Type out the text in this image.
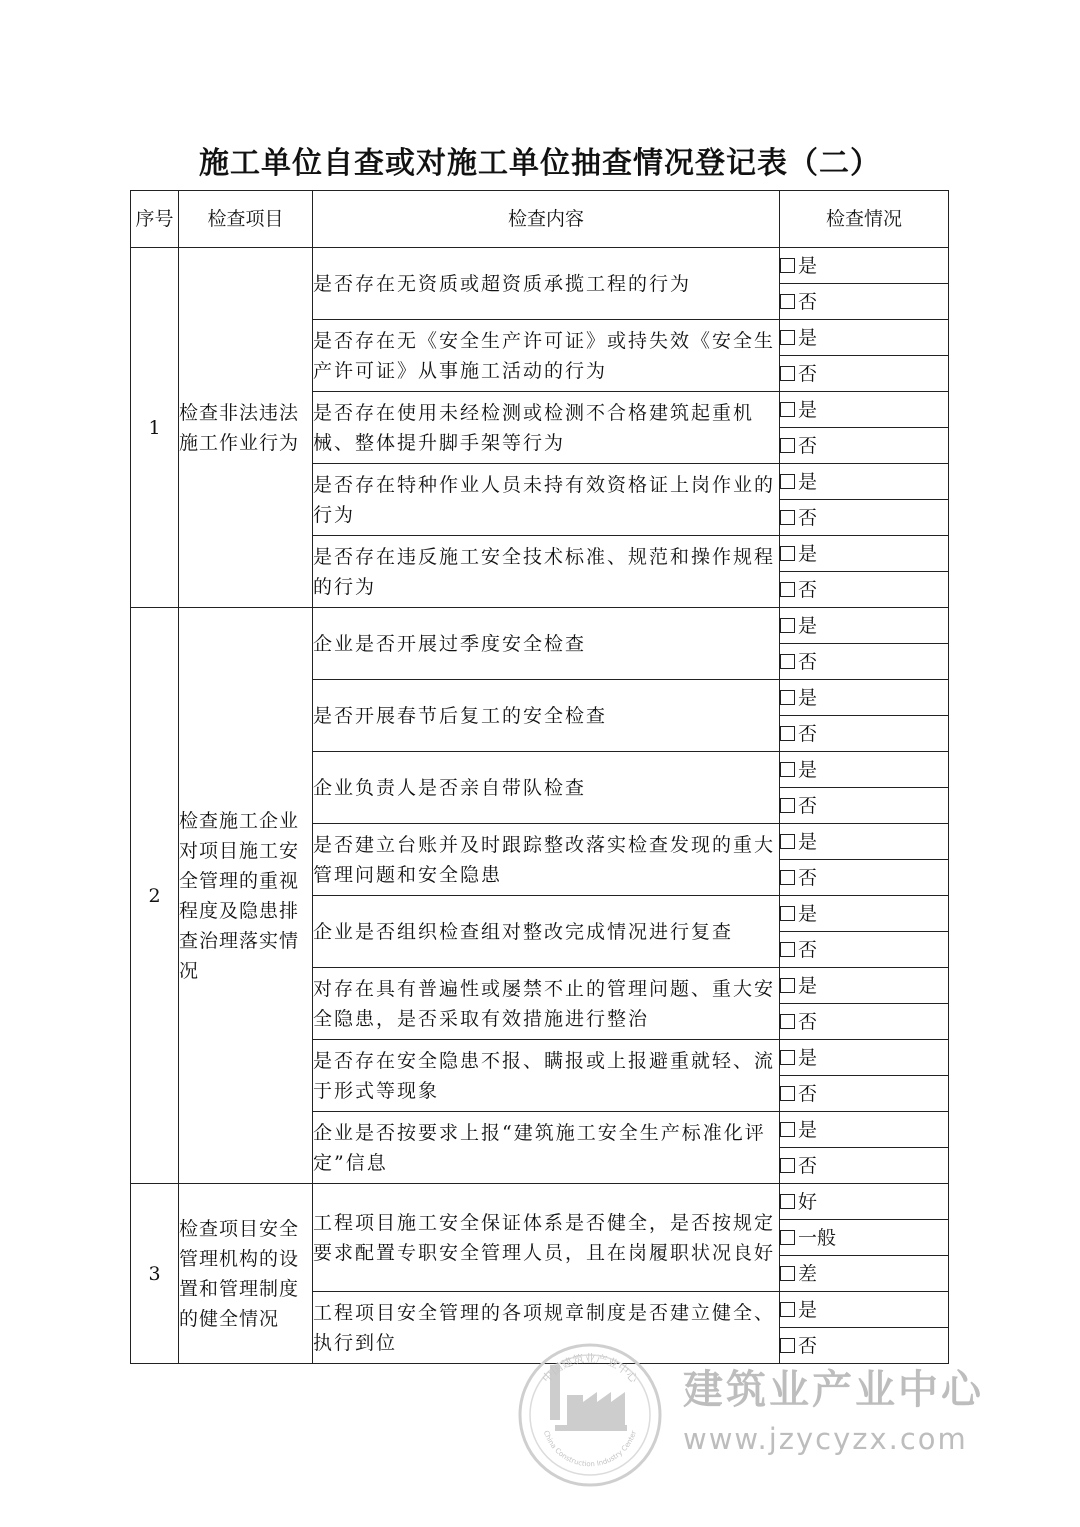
施工单位自查或对施工单位抽查情况登记表（二）
序号	检查项目	检查内容	检查情况
1	检查非法违法施工作业行为	是否存在无资质或超资质承揽工程的行为	是
			否
		是否存在无《安全生产许可证》或持失效《安全生产许可证》从事施工活动的行为	是
			否
		是否存在使用未经检测或检测不合格建筑起重机械、整体提升脚手架等行为	是
			否
		是否存在特种作业人员未持有效资格证上岗作业的行为	是
			否
		是否存在违反施工安全技术标准、规范和操作规程的行为	是
			否
2	检查施工企业对项目施工安全管理的重视程度及隐患排查治理落实情况	企业是否开展过季度安全检查	是
			否
		是否开展春节后复工的安全检查	是
			否
		企业负责人是否亲自带队检查	是
			否
		是否建立台账并及时跟踪整改落实检查发现的重大管理问题和安全隐患	是
			否
		企业是否组织检查组对整改完成情况进行复查	是
			否
		对存在具有普遍性或屡禁不止的管理问题、重大安全隐患，是否采取有效措施进行整治	是
			否
		是否存在安全隐患不报、瞒报或上报避重就轻、流于形式等现象	是
			否
		企业是否按要求上报“建筑施工安全生产标准化评定”信息	是
			否
3	检查项目安全管理机构的设置和管理制度的健全情况	工程项目施工安全保证体系是否健全，是否按规定要求配置专职安全管理人员，且在岗履职状况良好	好
			一般
			差
		工程项目安全管理的各项规章制度是否建立健全、执行到位	是
			否
中国建筑业产业中心
China Construction Industry Center
建筑业产业中心
www.jzycyzx.com
